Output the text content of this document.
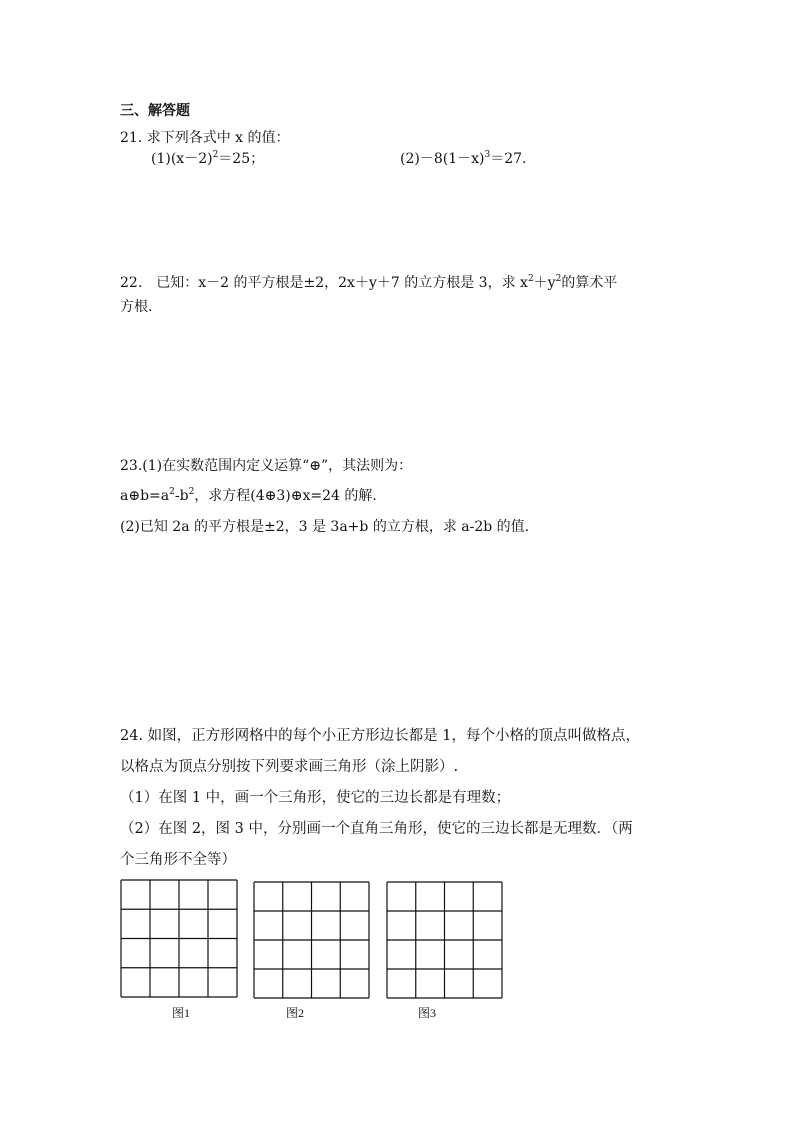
三、解答题
21. 求下列各式中 x 的值：
$(1)(x-2)^2=25$；	$(2)-8(1-x)^3=27$.
22.　已知：x－2 的平方根是±2，2x＋y＋7 的立方根是 3，求 $x^2+y^2$的算术平
方根.
23.(1)在实数范围内定义运算“⊕”，其法则为：
$a\oplus b=a^2-b^2$，求方程(4⊕3)⊕x=24 的解.
(2)已知 2a 的平方根是±2，3 是 3a+b 的立方根，求 a-2b 的值.
24. 如图，正方形网格中的每个小正方形边长都是 1，每个小格的顶点叫做格点，
以格点为顶点分别按下列要求画三角形（涂上阴影）.
（1）在图 1 中，画一个三角形，使它的三边长都是有理数；
（2）在图 2，图 3 中，分别画一个直角三角形，使它的三边长都是无理数．（两
个三角形不全等）
图1	图2	图3
